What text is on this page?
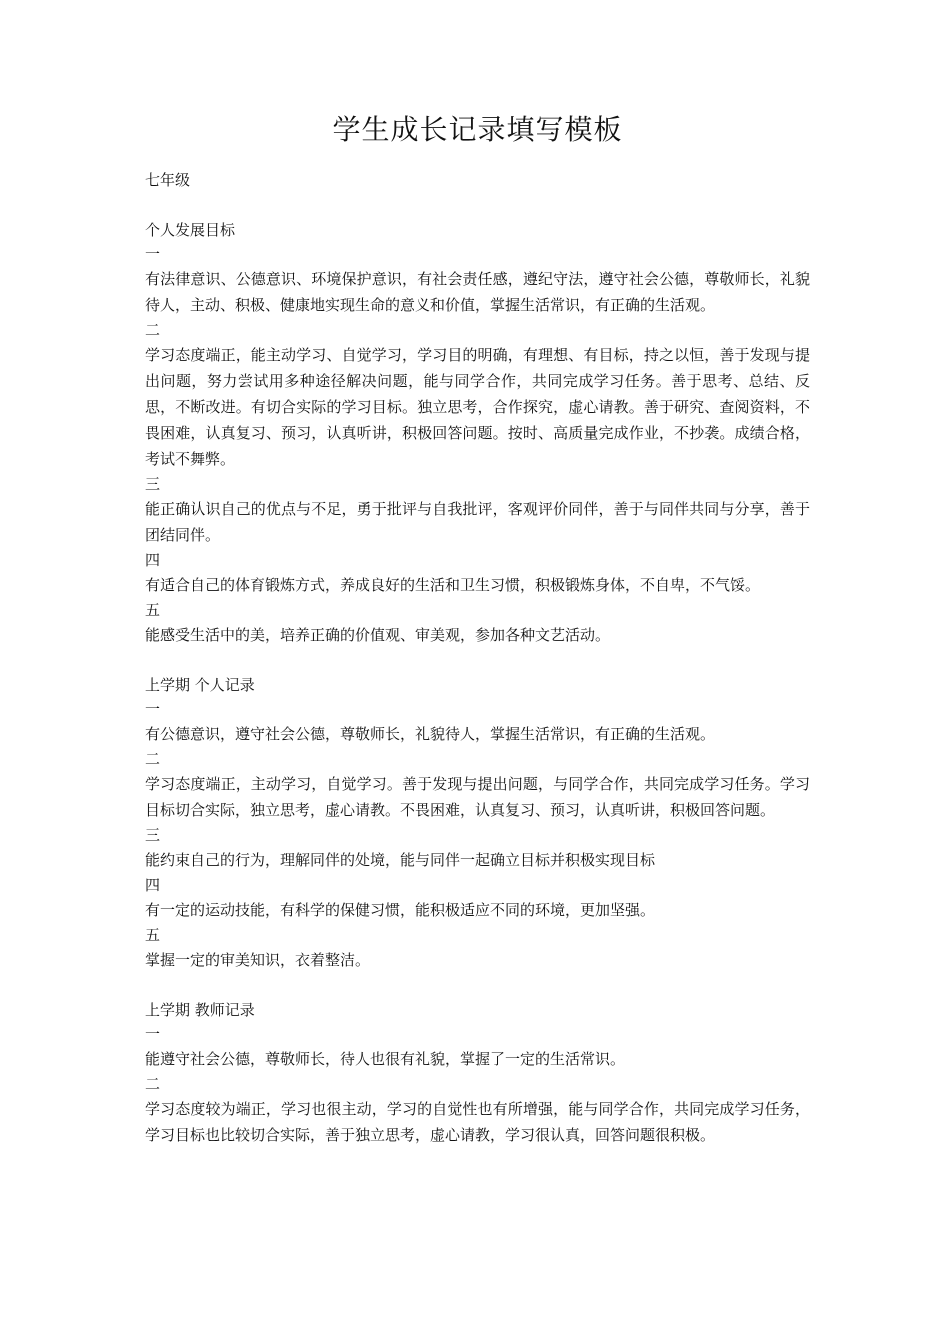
学生成长记录填写模板

七年级

个人发展目标

一

有法律意识、公德意识、环境保护意识，有社会责任感，遵纪守法，遵守社会公德，尊敬师长，礼貌待人，主动、积极、健康地实现生命的意义和价值，掌握生活常识，有正确的生活观。

二

学习态度端正，能主动学习、自觉学习，学习目的明确，有理想、有目标，持之以恒，善于发现与提出问题，努力尝试用多种途径解决问题，能与同学合作，共同完成学习任务。善于思考、总结、反思，不断改进。有切合实际的学习目标。独立思考，合作探究，虚心请教。善于研究、查阅资料，不畏困难，认真复习、预习，认真听讲，积极回答问题。按时、高质量完成作业，不抄袭。成绩合格，考试不舞弊。

三

能正确认识自己的优点与不足，勇于批评与自我批评，客观评价同伴，善于与同伴共同与分享，善于团结同伴。

四

有适合自己的体育锻炼方式，养成良好的生活和卫生习惯，积极锻炼身体，不自卑，不气馁。

五

能感受生活中的美，培养正确的价值观、审美观，参加各种文艺活动。

上学期 个人记录

一

有公德意识，遵守社会公德，尊敬师长，礼貌待人，掌握生活常识，有正确的生活观。

二

学习态度端正，主动学习，自觉学习。善于发现与提出问题，与同学合作，共同完成学习任务。学习目标切合实际，独立思考，虚心请教。不畏困难，认真复习、预习，认真听讲，积极回答问题。

三

能约束自己的行为，理解同伴的处境，能与同伴一起确立目标并积极实现目标

四

有一定的运动技能，有科学的保健习惯，能积极适应不同的环境，更加坚强。

五

掌握一定的审美知识，衣着整洁。

上学期 教师记录

一

能遵守社会公德，尊敬师长，待人也很有礼貌，掌握了一定的生活常识。

二

学习态度较为端正，学习也很主动，学习的自觉性也有所增强，能与同学合作，共同完成学习任务，学习目标也比较切合实际，善于独立思考，虚心请教，学习很认真，回答问题很积极。
